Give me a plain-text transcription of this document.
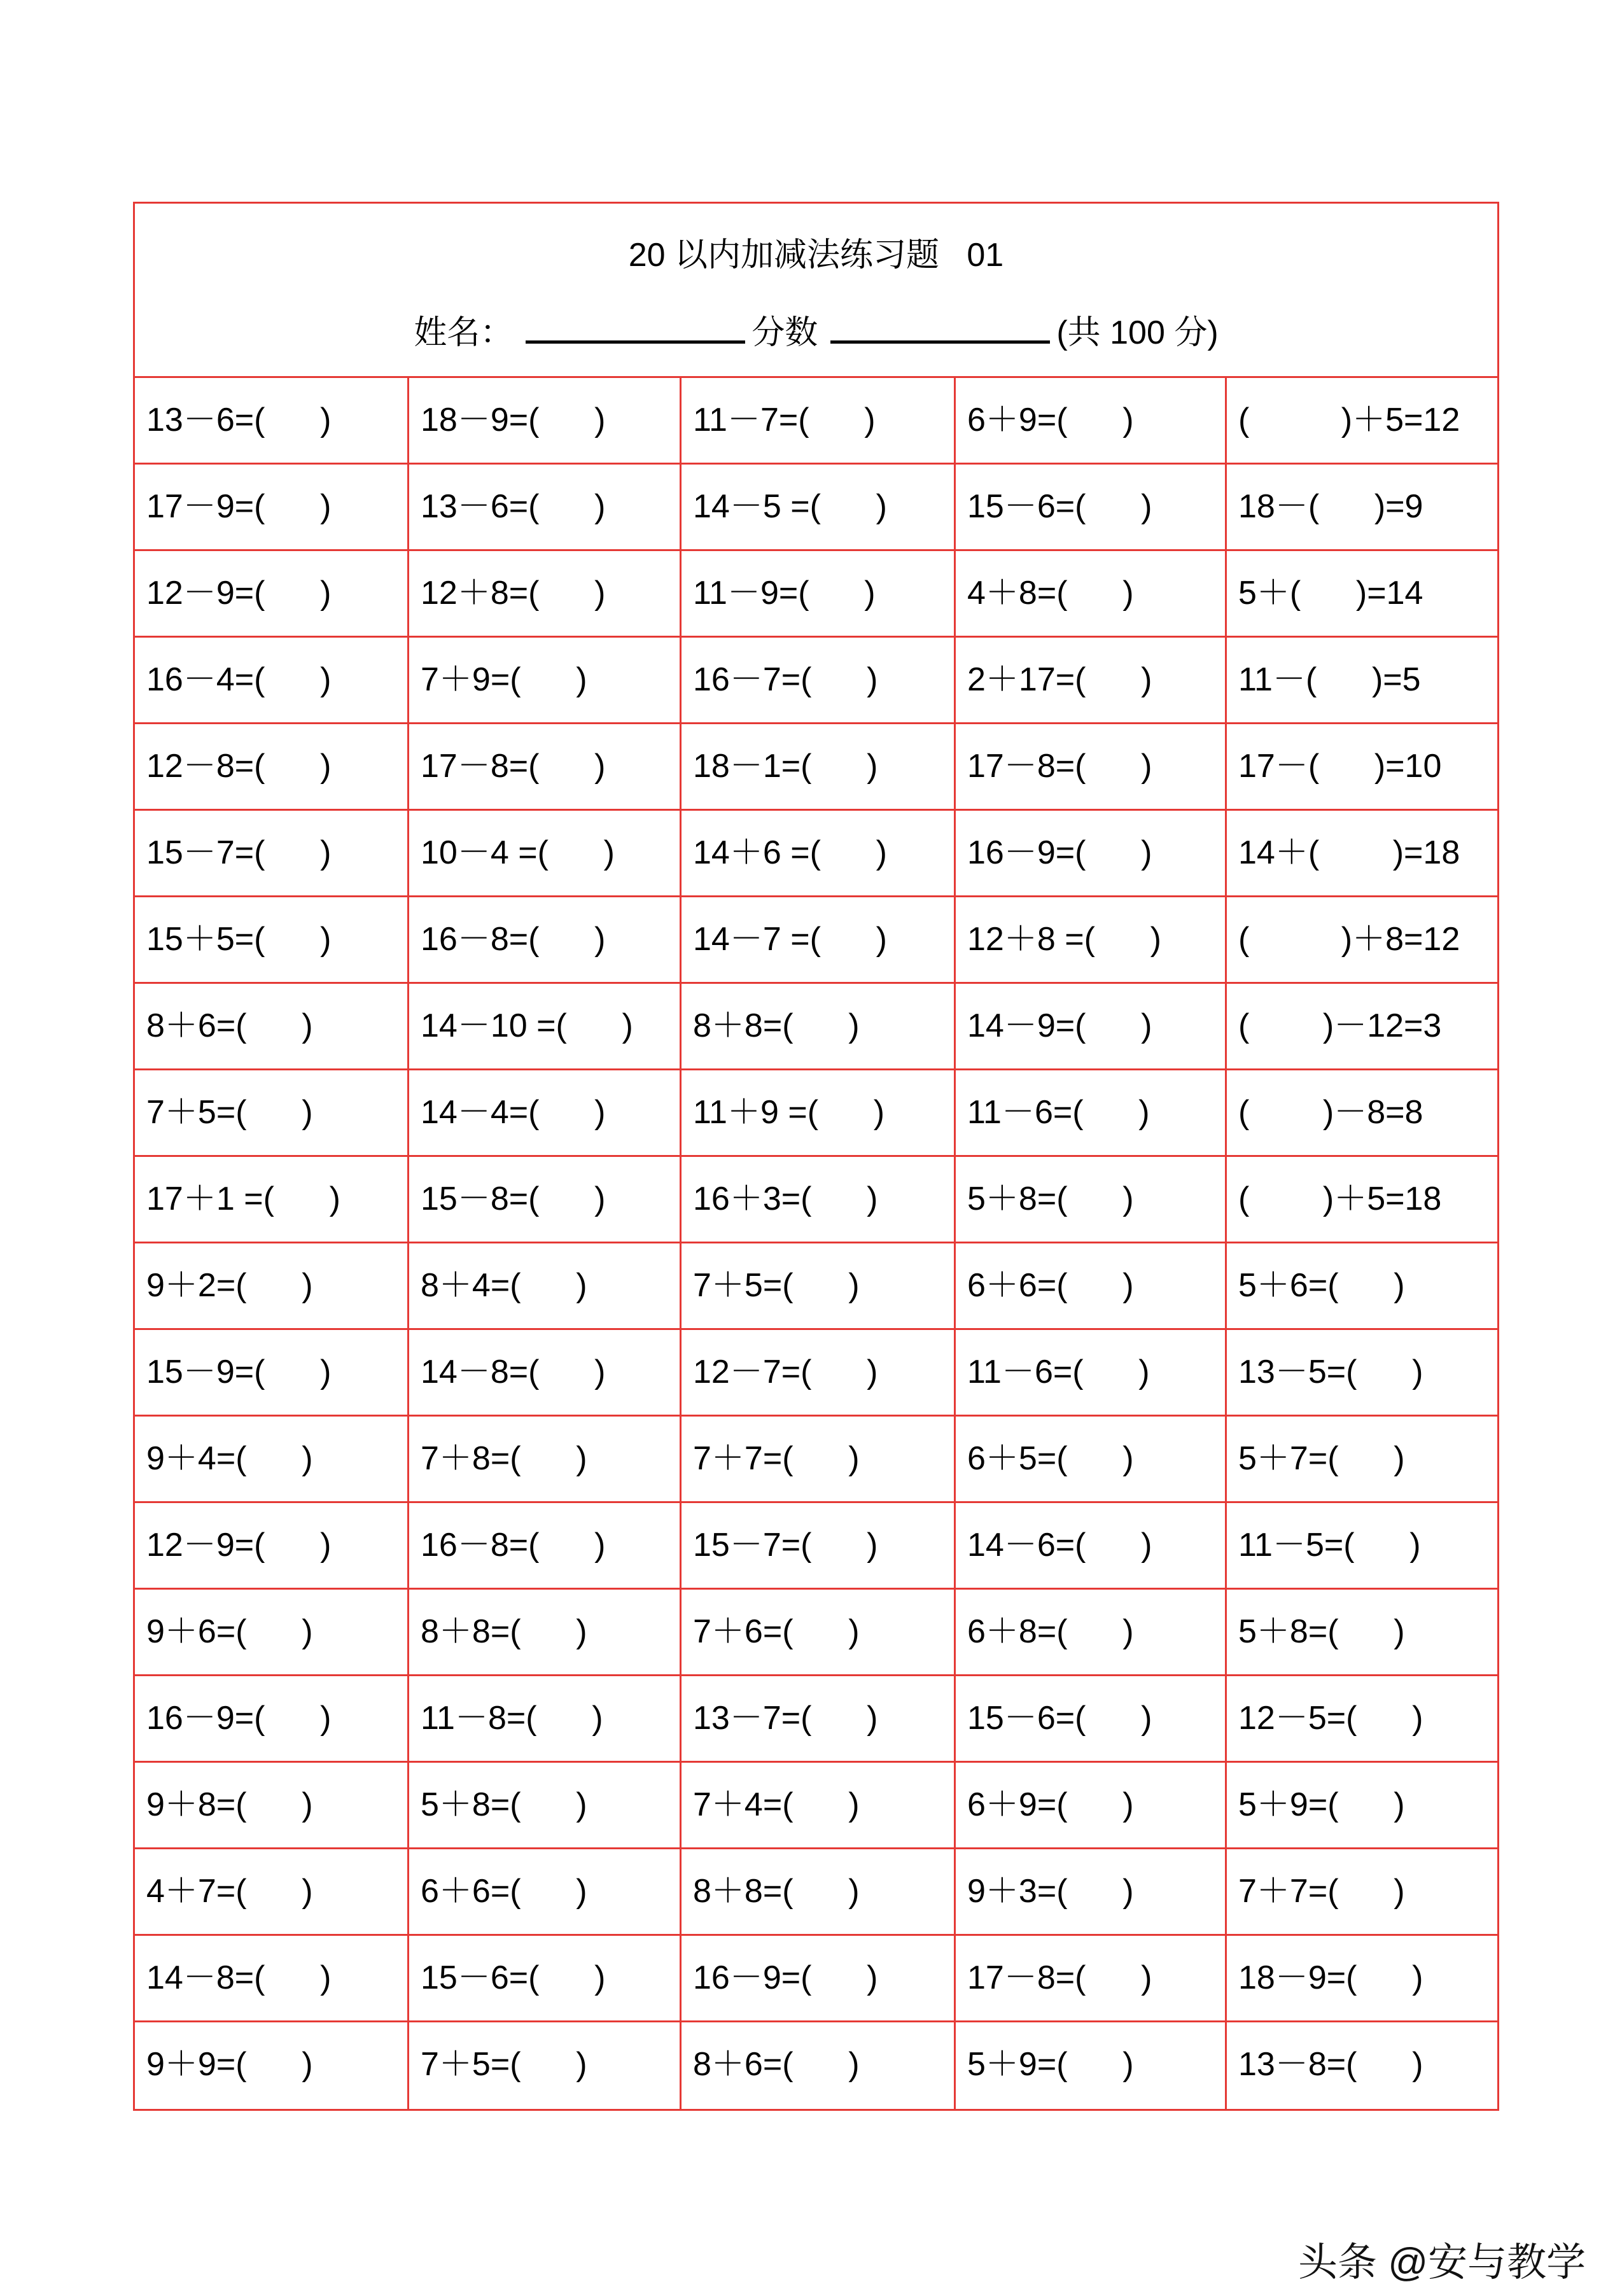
20 以内加减法练习题   01
姓名：	分数	(共 100 分)
13－6=(      )	18－9=(      )	11－7=(      )	6＋9=(      )	(          )＋5=12
17－9=(      )	13－6=(      )	14－5 =(      )	15－6=(      )	18－(      )=9
12－9=(      )	12＋8=(      )	11－9=(      )	4＋8=(      )	5＋(      )=14
16－4=(      )	7＋9=(      )	16－7=(      )	2＋17=(      )	11－(      )=5
12－8=(      )	17－8=(      )	18－1=(      )	17－8=(      )	17－(      )=10
15－7=(      )	10－4 =(      )	14＋6 =(      )	16－9=(      )	14＋(        )=18
15＋5=(      )	16－8=(      )	14－7 =(      )	12＋8 =(      )	(          )＋8=12
8＋6=(      )	14－10 =(      )	8＋8=(      )	14－9=(      )	(        )－12=3
7＋5=(      )	14－4=(      )	11＋9 =(      )	11－6=(      )	(        )－8=8
17＋1 =(      )	15－8=(      )	16＋3=(      )	5＋8=(      )	(        )＋5=18
9＋2=(      )	8＋4=(      )	7＋5=(      )	6＋6=(      )	5＋6=(      )
15－9=(      )	14－8=(      )	12－7=(      )	11－6=(      )	13－5=(      )
9＋4=(      )	7＋8=(      )	7＋7=(      )	6＋5=(      )	5＋7=(      )
12－9=(      )	16－8=(      )	15－7=(      )	14－6=(      )	11－5=(      )
9＋6=(      )	8＋8=(      )	7＋6=(      )	6＋8=(      )	5＋8=(      )
16－9=(      )	11－8=(      )	13－7=(      )	15－6=(      )	12－5=(      )
9＋8=(      )	5＋8=(      )	7＋4=(      )	6＋9=(      )	5＋9=(      )
4＋7=(      )	6＋6=(      )	8＋8=(      )	9＋3=(      )	7＋7=(      )
14－8=(      )	15－6=(      )	16－9=(      )	17－8=(      )	18－9=(      )
9＋9=(      )	7＋5=(      )	8＋6=(      )	5＋9=(      )	13－8=(      )
头条 @安与教学
